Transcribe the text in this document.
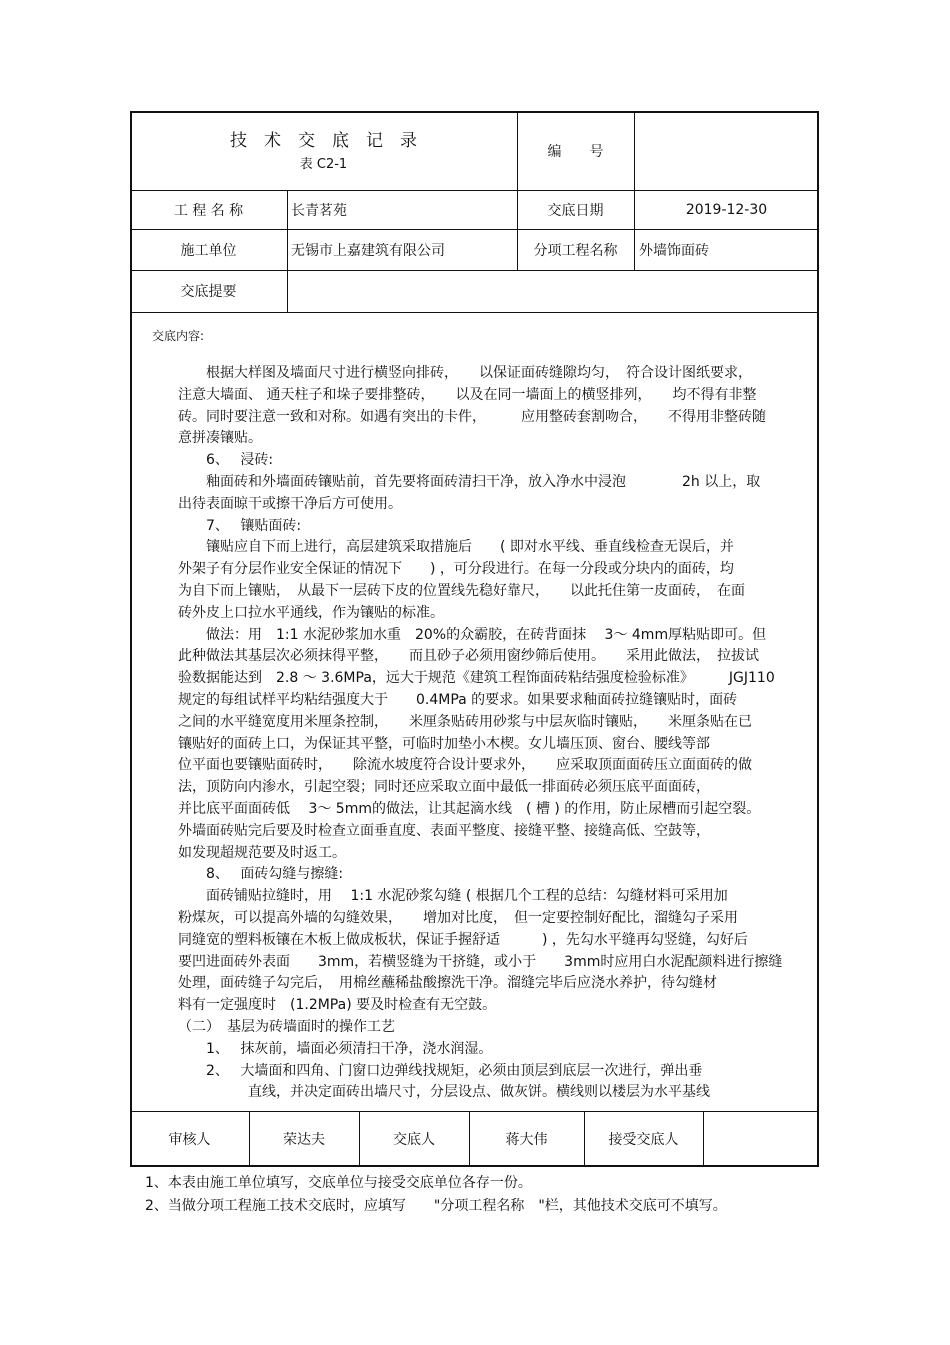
技术交底记录
表 C2-1
编　　号
工 程 名 称	长青茗苑	交底日期	2019-12-30
施工单位	无锡市上嘉建筑有限公司	分项工程名称	外墙饰面砖
交底提要
交底内容:
　　根据大样图及墙面尺寸进行横竖向排砖，　　以保证面砖缝隙均匀，　符合设计图纸要求，
注意大墙面、 通天柱子和垛子要排整砖，　　以及在同一墙面上的横竖排列，　　均不得有非整
砖。同时要注意一致和对称。如遇有突出的卡件，　　　应用整砖套割吻合，　　不得用非整砖随
意拼凑镶贴。
　　6、　 浸砖:
　　釉面砖和外墙面砖镶贴前，首先要将面砖清扫干净，放入净水中浸泡　　　　2h 以上，取
出待表面晾干或擦干净后方可使用。
　　7、　 镶贴面砖:
　　镶贴应自下而上进行，高层建筑采取措施后　　( 即对水平线、垂直线检查无误后，并
外架子有分层作业安全保证的情况下　　) ，可分段进行。在每一分段或分块内的面砖，均
为自下而上镶贴，　从最下一层砖下皮的位置线先稳好靠尺，　　以此托住第一皮面砖，　在面
砖外皮上口拉水平通线，作为镶贴的标准。
　　做法：用　1:1 水泥砂浆加水重　20%的众霸胶，在砖背面抹　 3～ 4mm厚粘贴即可。但
此种做法其基层次必须抹得平整，　　而且砂子必须用窗纱筛后使用。　　采用此做法，　拉拔试
验数据能达到　2.8 ～ 3.6MPa，远大于规范《建筑工程饰面砖粘结强度检验标准》　　　JGJ110
规定的每组试样平均粘结强度大于　　0.4MPa 的要求。如果要求釉面砖拉缝镶贴时，面砖
之间的水平缝宽度用米厘条控制，　　米厘条贴砖用砂浆与中层灰临时镶贴，　　米厘条贴在已
镶贴好的面砖上口，为保证其平整，可临时加垫小木楔。女儿墙压顶、窗台、腰线等部
位平面也要镶贴面砖时，　　除流水坡度符合设计要求外，　　应采取顶面面砖压立面面砖的做
法，顶防向内渗水，引起空裂；同时还应采取立面中最低一排面砖必须压底平面面砖，
并比底平面面砖低　 3～ 5mm的做法，让其起滴水线　( 槽 ) 的作用，防止尿槽而引起空裂。
外墙面砖贴完后要及时检查立面垂直度、表面平整度、接缝平整、接缝高低、空鼓等，
如发现超规范要及时返工。
　　8、　 面砖勾缝与擦缝:
　　面砖铺贴拉缝时，用　 1:1 水泥砂浆勾缝 ( 根据几个工程的总结：勾缝材料可采用加
粉煤灰，可以提高外墙的勾缝效果，　　增加对比度，　但一定要控制好配比，溜缝勾子采用
同缝宽的塑料板镶在木板上做成板状，保证手握舒适　　　) ，先勾水平缝再勾竖缝，勾好后
要凹进面砖外表面　　3mm，若横竖缝为干挤缝，或小于　　3mm时应用白水泥配颜料进行擦缝
处理，面砖缝子勾完后，　用棉丝蘸稀盐酸擦洗干净。溜缝完毕后应浇水养护，待勾缝材
料有一定强度时　(1.2MPa) 要及时检查有无空鼓。
（二）　基层为砖墙面时的操作工艺
　　1、　 抹灰前，墙面必须清扫干净，浇水润湿。
　　2、　 大墙面和四角、门窗口边弹线找规矩，必须由顶层到底层一次进行，弹出垂
　　　　　直线，并决定面砖出墙尺寸，分层设点、做灰饼。横线则以楼层为水平基线
审核人	荣达夫	交底人	蒋大伟	接受交底人
1、本表由施工单位填写，交底单位与接受交底单位各存一份。
2、当做分项工程施工技术交底时，应填写　　"分项工程名称　"栏，其他技术交底可不填写。
